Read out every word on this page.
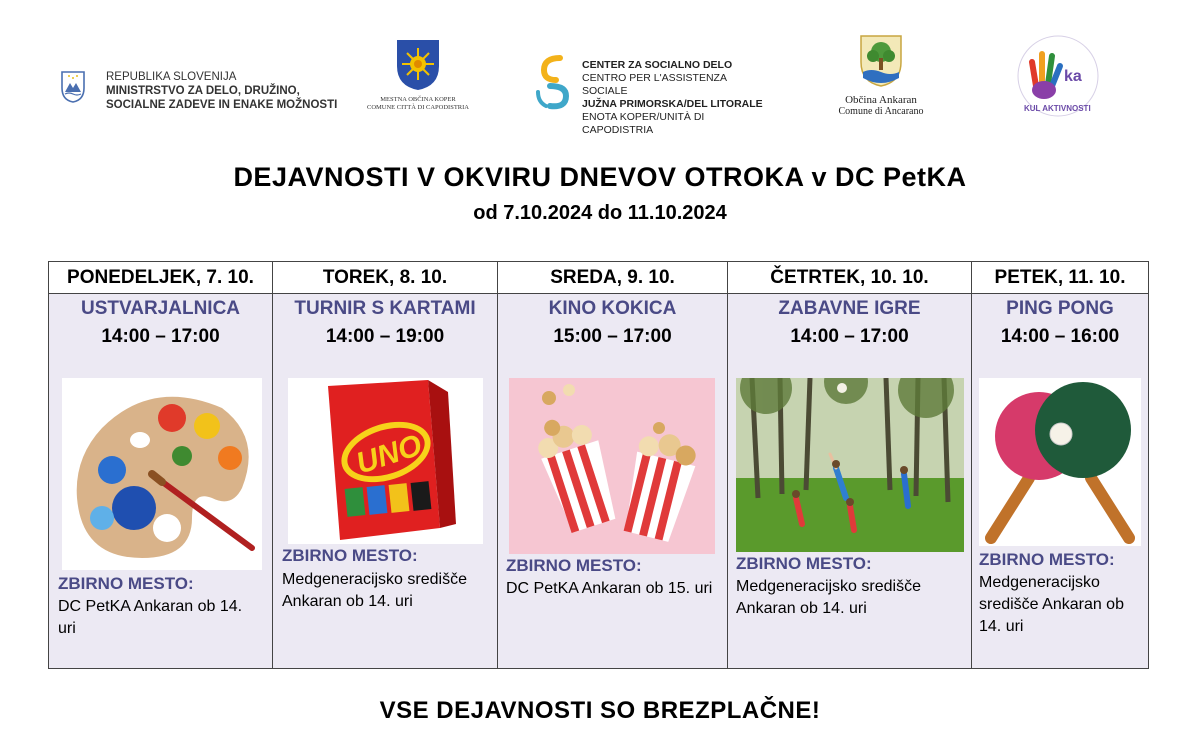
REPUBLIKA SLOVENIJA
MINISTRSTVO ZA DELO, DRUŽINO,
SOCIALNE ZADEVE IN ENAKE MOŽNOSTI	MESTNA OBČINA KOPER
COMUNE CITTÀ DI CAPODISTRIA
CENTER ZA SOCIALNO DELO
CENTRO PER L'ASSISTENZA SOCIALE
JUŽNA PRIMORSKA/DEL LITORALE
ENOTA KOPER/UNITÀ DI CAPODISTRIA
Občina Ankaran
Comune di Ancarano
ka
KUL AKTIVNOSTI
DEJAVNOSTI V OKVIRU DNEVOV OTROKA v DC PetKA
od 7.10.2024 do 11.10.2024
PONEDELJEK, 7. 10.
USTVARJALNICA
14:00 – 17:00
ZBIRNO MESTO:
DC PetKA Ankaran ob 14. uri
TOREK, 8. 10.
TURNIR S KARTAMI
14:00 – 19:00
UNO
ZBIRNO MESTO:
Medgeneracijsko središče Ankaran ob 14. uri
SREDA, 9. 10.
KINO KOKICA
15:00 – 17:00
ZBIRNO MESTO:
DC PetKA Ankaran ob 15. uri
ČETRTEK, 10. 10.
ZABAVNE IGRE
14:00 – 17:00
ZBIRNO MESTO:
Medgeneracijsko središče Ankaran ob 14. uri
PETEK, 11. 10.
PING PONG
14:00 – 16:00
ZBIRNO MESTO:
Medgeneracijsko središče Ankaran ob 14. uri
VSE DEJAVNOSTI SO BREZPLAČNE!
